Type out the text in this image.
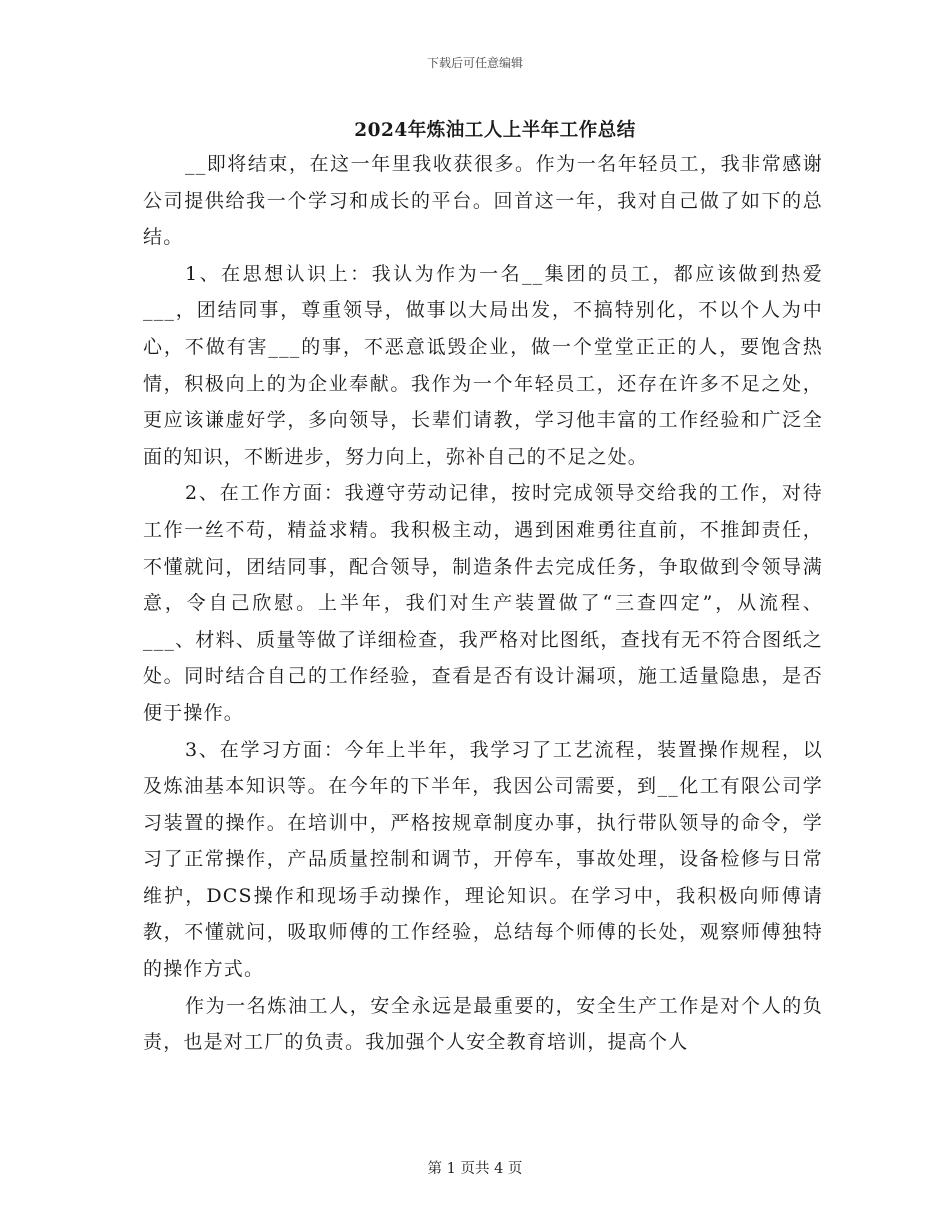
下载后可任意编辑
2024年炼油工人上半年工作总结

__即将结束，在这一年里我收获很多。作为一名年轻员工，我非常感谢公司提供给我一个学习和成长的平台。回首这一年，我对自己做了如下的总结。

1、在思想认识上：我认为作为一名__集团的员工，都应该做到热爱___，团结同事，尊重领导，做事以大局出发，不搞特别化，不以个人为中心，不做有害___的事，不恶意诋毁企业，做一个堂堂正正的人，要饱含热情，积极向上的为企业奉献。我作为一个年轻员工，还存在许多不足之处，更应该谦虚好学，多向领导，长辈们请教，学习他丰富的工作经验和广泛全面的知识，不断进步，努力向上，弥补自己的不足之处。

2、在工作方面：我遵守劳动记律，按时完成领导交给我的工作，对待工作一丝不苟，精益求精。我积极主动，遇到困难勇往直前，不推卸责任，不懂就问，团结同事，配合领导，制造条件去完成任务，争取做到令领导满意，令自己欣慰。上半年，我们对生产装置做了“三查四定”，从流程、___、材料、质量等做了详细检查，我严格对比图纸，查找有无不符合图纸之处。同时结合自己的工作经验，查看是否有设计漏项，施工适量隐患，是否便于操作。

3、在学习方面：今年上半年，我学习了工艺流程，装置操作规程，以及炼油基本知识等。在今年的下半年，我因公司需要，到__化工有限公司学习装置的操作。在培训中，严格按规章制度办事，执行带队领导的命令，学习了正常操作，产品质量控制和调节，开停车，事故处理，设备检修与日常维护，DCS操作和现场手动操作，理论知识。在学习中，我积极向师傅请教，不懂就问，吸取师傅的工作经验，总结每个师傅的长处，观察师傅独特的操作方式。

作为一名炼油工人，安全永远是最重要的，安全生产工作是对个人的负责，也是对工厂的负责。我加强个人安全教育培训，提高个人

第 1 页共 4 页
